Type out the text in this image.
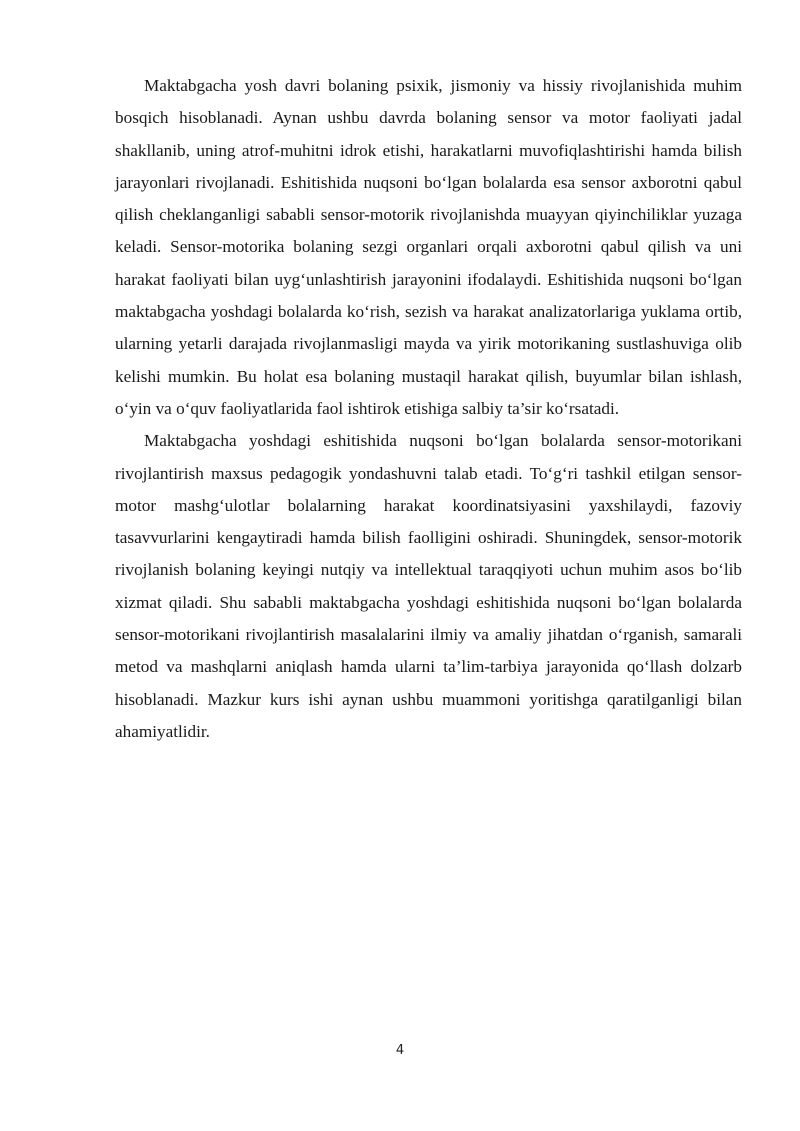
Maktabgacha yosh davri bolaning psixik, jismoniy va hissiy rivojlanishida muhim bosqich hisoblanadi. Aynan ushbu davrda bolaning sensor va motor faoliyati jadal shakllanib, uning atrof-muhitni idrok etishi, harakatlarni muvofiqlashtirishi hamda bilish jarayonlari rivojlanadi. Eshitishida nuqsoni bo‘lgan bolalarda esa sensor axborotni qabul qilish cheklanganligi sababli sensor-motorik rivojlanishda muayyan qiyinchiliklar yuzaga keladi. Sensor-motorika bolaning sezgi organlari orqali axborotni qabul qilish va uni harakat faoliyati bilan uyg‘unlashtirish jarayonini ifodalaydi. Eshitishida nuqsoni bo‘lgan maktabgacha yoshdagi bolalarda ko‘rish, sezish va harakat analizatorlariga yuklama ortib, ularning yetarli darajada rivojlanmasligi mayda va yirik motorikaning sustlashuviga olib kelishi mumkin. Bu holat esa bolaning mustaqil harakat qilish, buyumlar bilan ishlash, o‘yin va o‘quv faoliyatlarida faol ishtirok etishiga salbiy ta’sir ko‘rsatadi.

Maktabgacha yoshdagi eshitishida nuqsoni bo‘lgan bolalarda sensor-motorikani rivojlantirish maxsus pedagogik yondashuvni talab etadi. To‘g‘ri tashkil etilgan sensor-motor mashg‘ulotlar bolalarning harakat koordinatsiyasini yaxshilaydi, fazoviy tasavvurlarini kengaytiradi hamda bilish faolligini oshiradi. Shuningdek, sensor-motorik rivojlanish bolaning keyingi nutqiy va intellektual taraqqiyoti uchun muhim asos bo‘lib xizmat qiladi. Shu sababli maktabgacha yoshdagi eshitishida nuqsoni bo‘lgan bolalarda sensor-motorikani rivojlantirish masalalarini ilmiy va amaliy jihatdan o‘rganish, samarali metod va mashqlarni aniqlash hamda ularni ta’lim-tarbiya jarayonida qo‘llash dolzarb hisoblanadi. Mazkur kurs ishi aynan ushbu muammoni yoritishga qaratilganligi bilan ahamiyatlidir.

4
